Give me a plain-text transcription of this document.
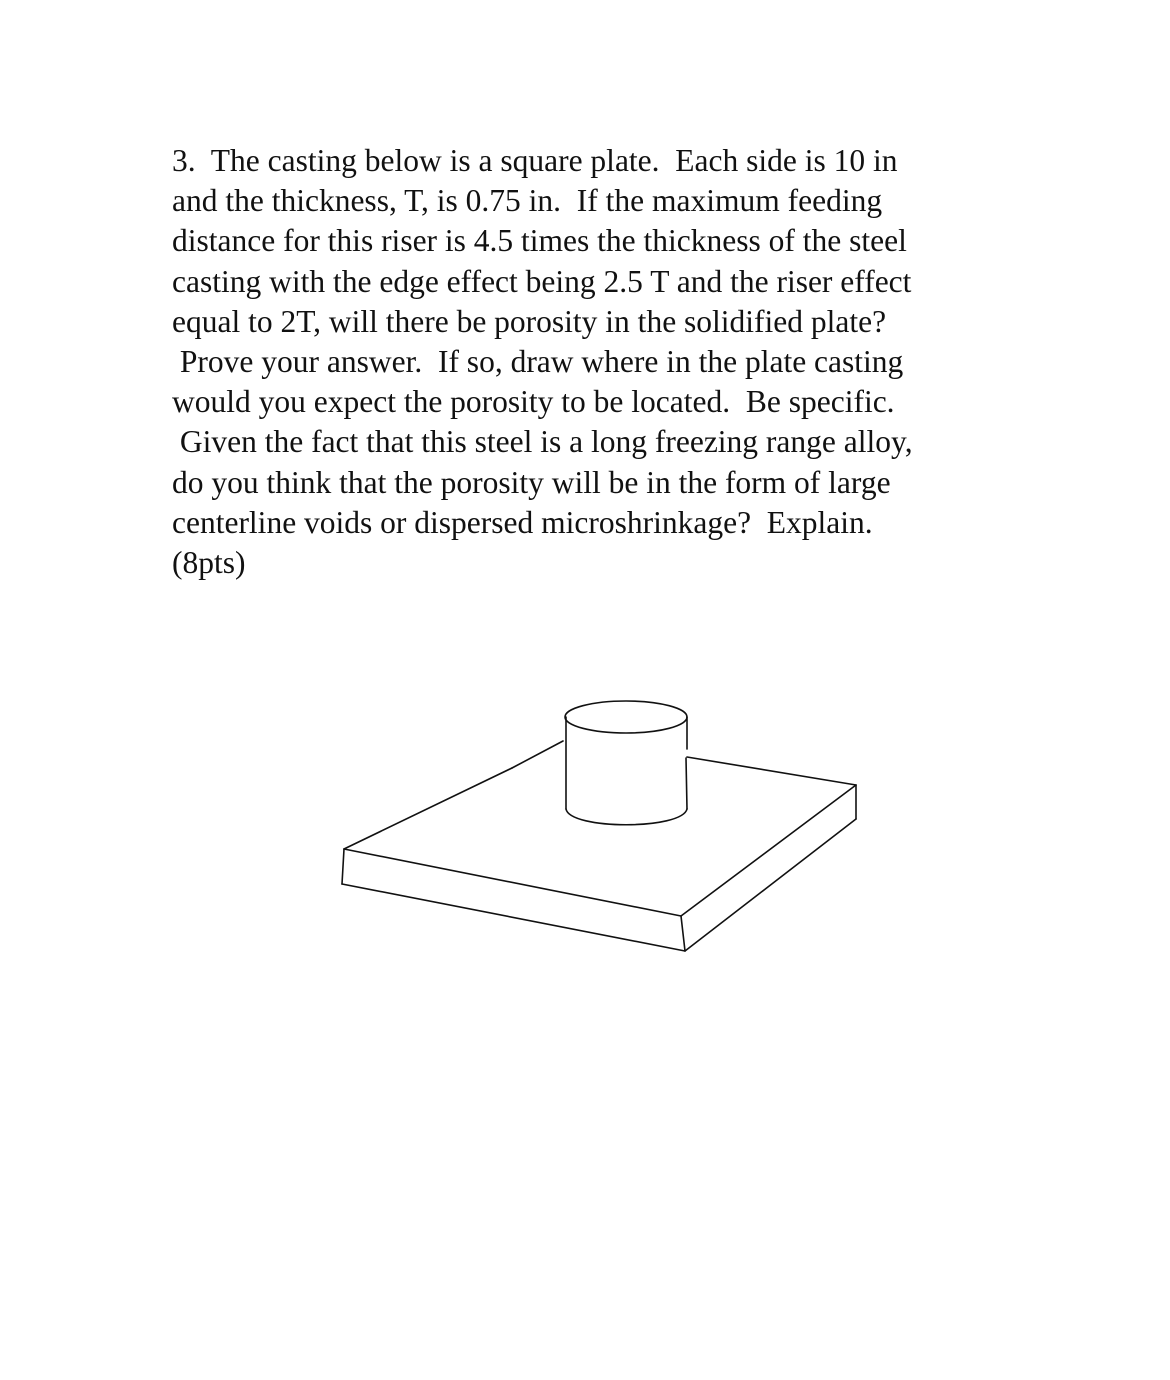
3.  The casting below is a square plate.  Each side is 10 in
and the thickness, T, is 0.75 in.  If the maximum feeding
distance for this riser is 4.5 times the thickness of the steel
casting with the edge effect being 2.5 T and the riser effect
equal to 2T, will there be porosity in the solidified plate?
Prove your answer.  If so, draw where in the plate casting
would you expect the porosity to be located.  Be specific.
Given the fact that this steel is a long freezing range alloy,
do you think that the porosity will be in the form of large
centerline voids or dispersed microshrinkage?  Explain.
(8pts)
